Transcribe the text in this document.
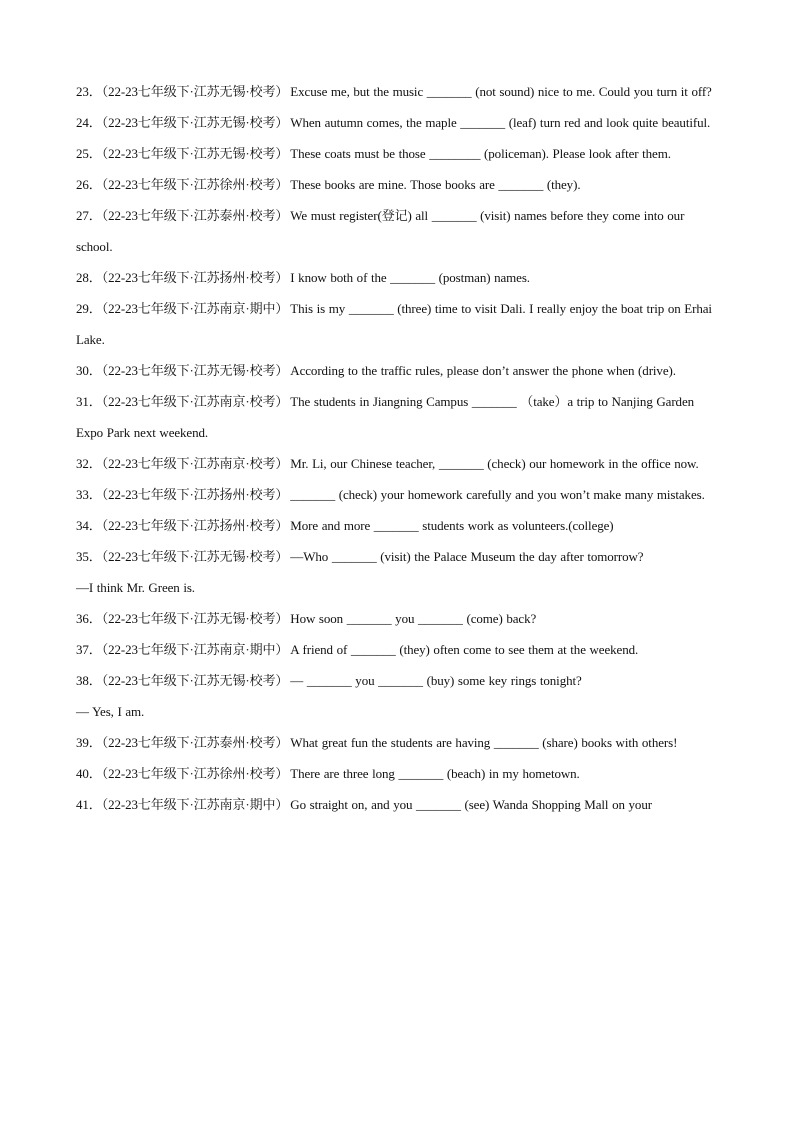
23．（22-23七年级下·江苏无锡·校考） Excuse me, but the music _______ (not sound) nice to me. Could you turn it off?

24．（22-23七年级下·江苏无锡·校考） When autumn comes, the maple _______ (leaf) turn red and look quite beautiful.

25．（22-23七年级下·江苏无锡·校考） These coats must be those ________ (policeman). Please look after them.

26．（22-23七年级下·江苏徐州·校考） These books are mine. Those books are _______ (they).

27．（22-23七年级下·江苏泰州·校考） We must register(登记) all _______ (visit) names before they come into our school.

28．（22-23七年级下·江苏扬州·校考） I know both of the _______ (postman) names.

29．（22-23七年级下·江苏南京·期中） This is my _______ (three) time to visit Dali. I really enjoy the boat trip on Erhai Lake.

30．（22-23七年级下·江苏无锡·校考） According to the traffic rules, please don’t answer the phone when (drive).

31．（22-23七年级下·江苏南京·校考） The students in Jiangning Campus _______ （take）a trip to Nanjing Garden Expo Park next weekend.

32．（22-23七年级下·江苏南京·校考） Mr. Li, our Chinese teacher, _______ (check) our homework in the office now.

33．（22-23七年级下·江苏扬州·校考） _______ (check) your homework carefully and you won’t make many mistakes.

34．（22-23七年级下·江苏扬州·校考） More and more _______ students work as volunteers.(college)

35．（22-23七年级下·江苏无锡·校考） —Who _______ (visit) the Palace Museum the day after tomorrow?

—I think Mr. Green is.

36．（22-23七年级下·江苏无锡·校考） How soon _______ you _______ (come) back?

37．（22-23七年级下·江苏南京·期中） A friend of _______ (they) often come to see them at the weekend.

38．（22-23七年级下·江苏无锡·校考） — _______ you _______ (buy) some key rings tonight?

— Yes, I am.

39．（22-23七年级下·江苏泰州·校考） What great fun the students are having _______ (share) books with others!

40．（22-23七年级下·江苏徐州·校考） There are three long _______ (beach) in my hometown.

41．（22-23七年级下·江苏南京·期中） Go straight on, and you _______ (see) Wanda Shopping Mall on your
